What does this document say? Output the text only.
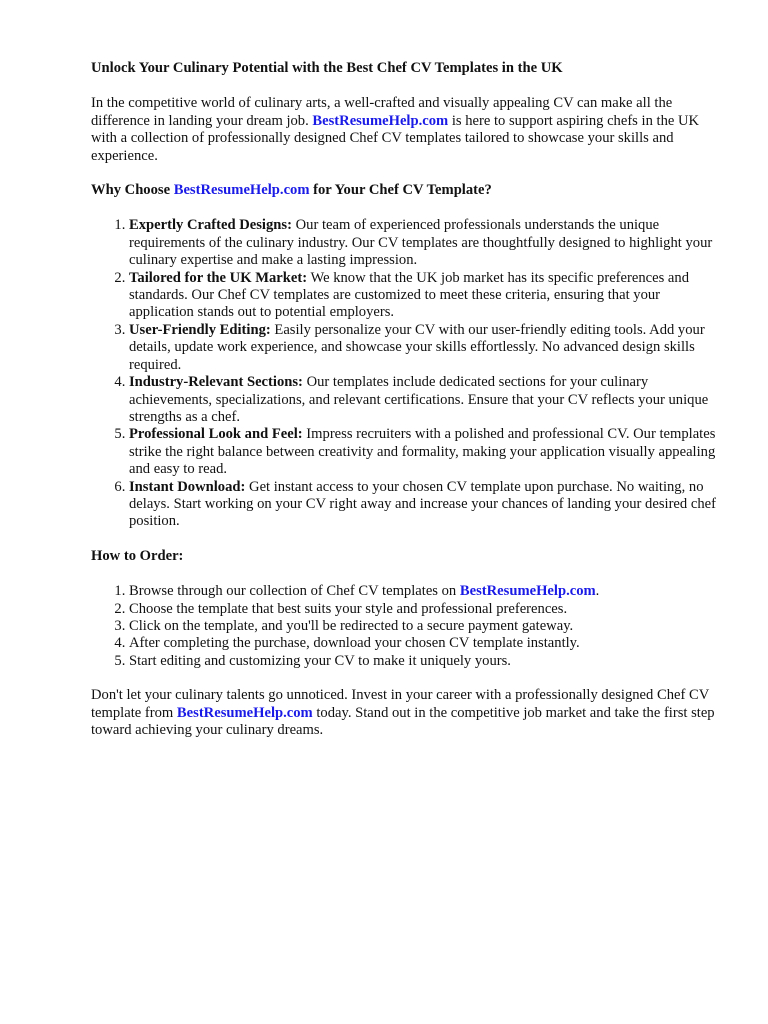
Unlock Your Culinary Potential with the Best Chef CV Templates in the UK

In the competitive world of culinary arts, a well-crafted and visually appealing CV can make all the difference in landing your dream job. BestResumeHelp.com is here to support aspiring chefs in the UK with a collection of professionally designed Chef CV templates tailored to showcase your skills and experience.

Why Choose BestResumeHelp.com for Your Chef CV Template?
1. Expertly Crafted Designs: Our team of experienced professionals understands the unique requirements of the culinary industry. Our CV templates are thoughtfully designed to highlight your culinary expertise and make a lasting impression.
2. Tailored for the UK Market: We know that the UK job market has its specific preferences and standards. Our Chef CV templates are customized to meet these criteria, ensuring that your application stands out to potential employers.
3. User-Friendly Editing: Easily personalize your CV with our user-friendly editing tools. Add your details, update work experience, and showcase your skills effortlessly. No advanced design skills required.
4. Industry-Relevant Sections: Our templates include dedicated sections for your culinary achievements, specializations, and relevant certifications. Ensure that your CV reflects your unique strengths as a chef.
5. Professional Look and Feel: Impress recruiters with a polished and professional CV. Our templates strike the right balance between creativity and formality, making your application visually appealing and easy to read.
6. Instant Download: Get instant access to your chosen CV template upon purchase. No waiting, no delays. Start working on your CV right away and increase your chances of landing your desired chef position.
How to Order:
1. Browse through our collection of Chef CV templates on BestResumeHelp.com.
2. Choose the template that best suits your style and professional preferences.
3. Click on the template, and you'll be redirected to a secure payment gateway.
4. After completing the purchase, download your chosen CV template instantly.
5. Start editing and customizing your CV to make it uniquely yours.

Don't let your culinary talents go unnoticed. Invest in your career with a professionally designed Chef CV template from BestResumeHelp.com today. Stand out in the competitive job market and take the first step toward achieving your culinary dreams.
